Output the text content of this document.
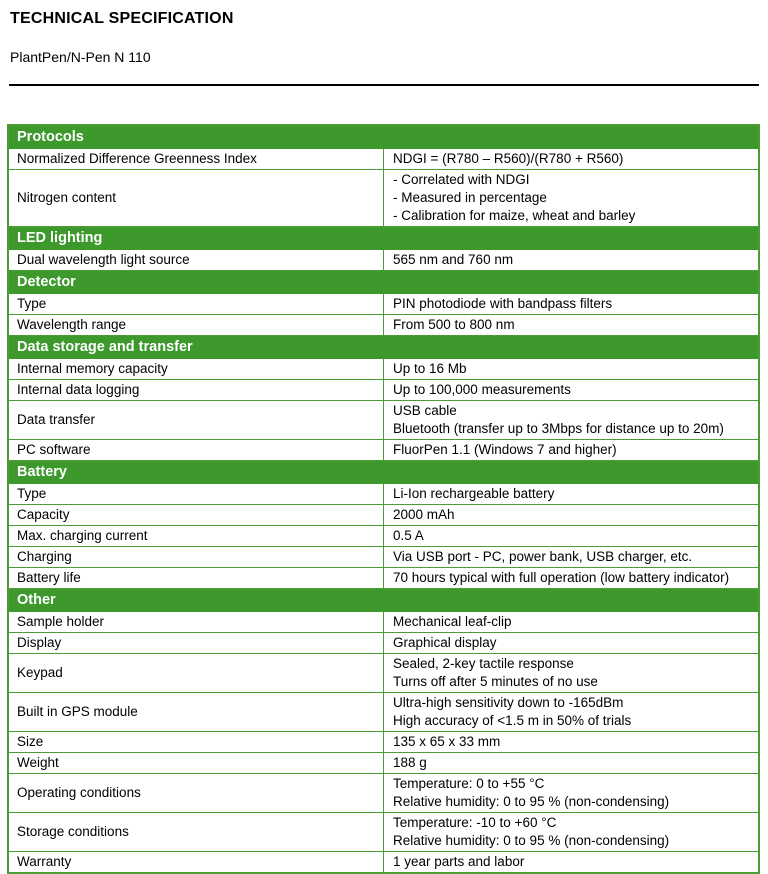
TECHNICAL SPECIFICATION
PlantPen/N-Pen N 110
Protocols	
Normalized Difference Greenness Index	NDGI = (R780 – R560)/(R780 + R560)

Nitrogen content	- Correlated with NDGI
- Measured in percentage
- Calibration for maize, wheat and barley

LED lighting	
Dual wavelength light source	565 nm and 760 nm

Detector	
Type	PIN photodiode with bandpass filters

Wavelength range	From 500 to 800 nm

Data storage and transfer	
Internal memory capacity	Up to 16 Mb

Internal data logging	Up to 100,000 measurements

Data transfer	USB cable
Bluetooth (transfer up to 3Mbps for distance up to 20m)

PC software	FluorPen 1.1 (Windows 7 and higher)

Battery	
Type	Li-Ion rechargeable battery

Capacity	2000 mAh

Max. charging current	0.5 A

Charging	Via USB port - PC, power bank, USB charger, etc.

Battery life	70 hours typical with full operation (low battery indicator)

Other	
Sample holder	Mechanical leaf-clip

Display	Graphical display

Keypad	Sealed, 2-key tactile response
Turns off after 5 minutes of no use

Built in GPS module	Ultra-high sensitivity down to -165dBm
High accuracy of <1.5 m in 50% of trials

Size	135 x 65 x 33 mm

Weight	188 g

Operating conditions	Temperature: 0 to +55 °C
Relative humidity: 0 to 95 % (non-condensing)

Storage conditions	Temperature: -10 to +60 °C
Relative humidity: 0 to 95 % (non-condensing)

Warranty	1 year parts and labor
